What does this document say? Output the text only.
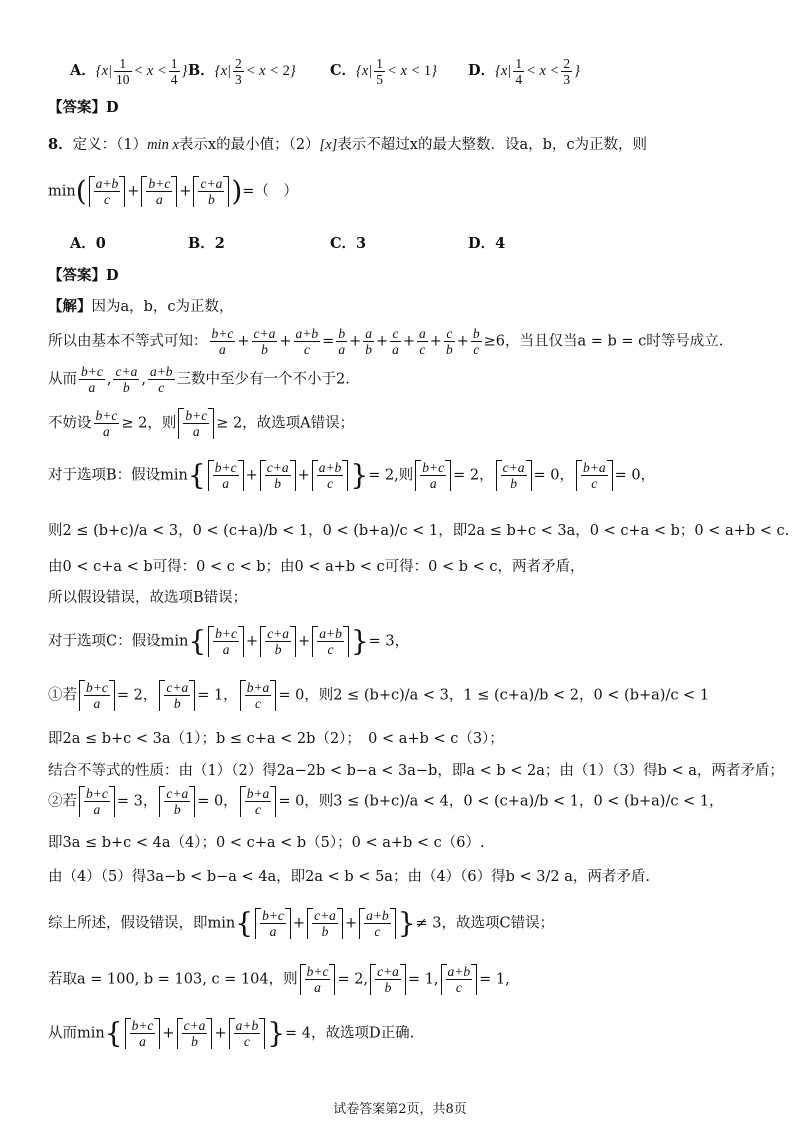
A．{$x| \frac{1}{10} < x < \frac{1}{4}$ } B．$\{x| \frac{2}{3} < x < 2\}$ C．$\{x| \frac{1}{5} < x < 1\}$ D．{$x| \frac{1}{4} < x < \frac{2}{3}$ }
【答案】D
8．定义：（1）min x表示x的最小值；（2）[x]表示不超过x的最大整数．设a，b，c为正数，则
$\min( \frac{a+b}{c} + \frac{b+c}{a} + \frac{c+a}{b}$ )=（　）
A．0	B．2	C．3	D．4
【答案】D
【解】因为a，b，c为正数，
所以由基本不等式可知： $\frac{b+c}{a} + \frac{c+a}{b} + \frac{a+b}{c} = \frac{b}{a} + \frac{a}{b} + \frac{c}{a} + \frac{a}{c} + \frac{c}{b} + \frac{b}{c} \ge 6$，当且仅当a = b = c时等号成立.
从而 $\frac{b+c}{a}$ , $\frac{c+a}{b}$ , $\frac{a+b}{c}$ 三数中至少有一个不小于2.
不妨设 $\frac{b+c}{a} \ge 2$，则 $\frac{b+c}{a} \ge 2$，故选项A错误；
对于选项B：假设$\min\{ \frac{b+c}{a} + \frac{c+a}{b} + \frac{a+b}{c}$ }= 2,则 $\frac{b+c}{a} = 2$， $\frac{c+a}{b} = 0$， $\frac{b+a}{c} = 0$，
则2 ≤ (b+c)/a < 3，0 < (c+a)/b < 1，0 < (b+a)/c < 1，即2a ≤ b+c < 3a，0 < c+a < b；0 < a+b < c.
由0 < c+a < b可得：0 < c < b；由0 < a+b < c可得：0 < b < c，两者矛盾，
所以假设错误，故选项B错误；
对于选项C：假设$\min\{ \frac{b+c}{a} + \frac{c+a}{b} + \frac{a+b}{c}$ }= 3，
①若 $\frac{b+c}{a} = 2$， $\frac{c+a}{b} = 1$， $\frac{b+a}{c} = 0$，则2 ≤ (b+c)/a < 3，1 ≤ (c+a)/b < 2，0 < (b+a)/c < 1
即2a ≤ b+c < 3a（1）；b ≤ c+a < 2b（2）；　0 < a+b < c（3）；
结合不等式的性质：由（1）（2）得2a−2b < b−a < 3a−b，即a < b < 2a；由（1）（3）得b < a，两者矛盾；
②若 $\frac{b+c}{a} = 3$， $\frac{c+a}{b} = 0$， $\frac{b+a}{c} = 0$，则3 ≤ (b+c)/a < 4，0 < (c+a)/b < 1，0 < (b+a)/c < 1，
即3a ≤ b+c < 4a（4）；0 < c+a < b（5）；0 < a+b < c（6）.
由（4）（5）得3a−b < b−a < 4a，即2a < b < 5a；由（4）（6）得b < 3/2 a，两者矛盾.
综上所述，假设错误，即$\min\{ \frac{b+c}{a} + \frac{c+a}{b} + \frac{a+b}{c}$ }≠ 3，故选项C错误；
若取a = 100, b = 103, c = 104，则 $\frac{b+c}{a} = 2$, $\frac{c+a}{b} = 1$, $\frac{a+b}{c} = 1$,
从而$\min\{ \frac{b+c}{a} + \frac{c+a}{b} + \frac{a+b}{c}$ }= 4，故选项D正确.
试卷答案第2页，共8页
